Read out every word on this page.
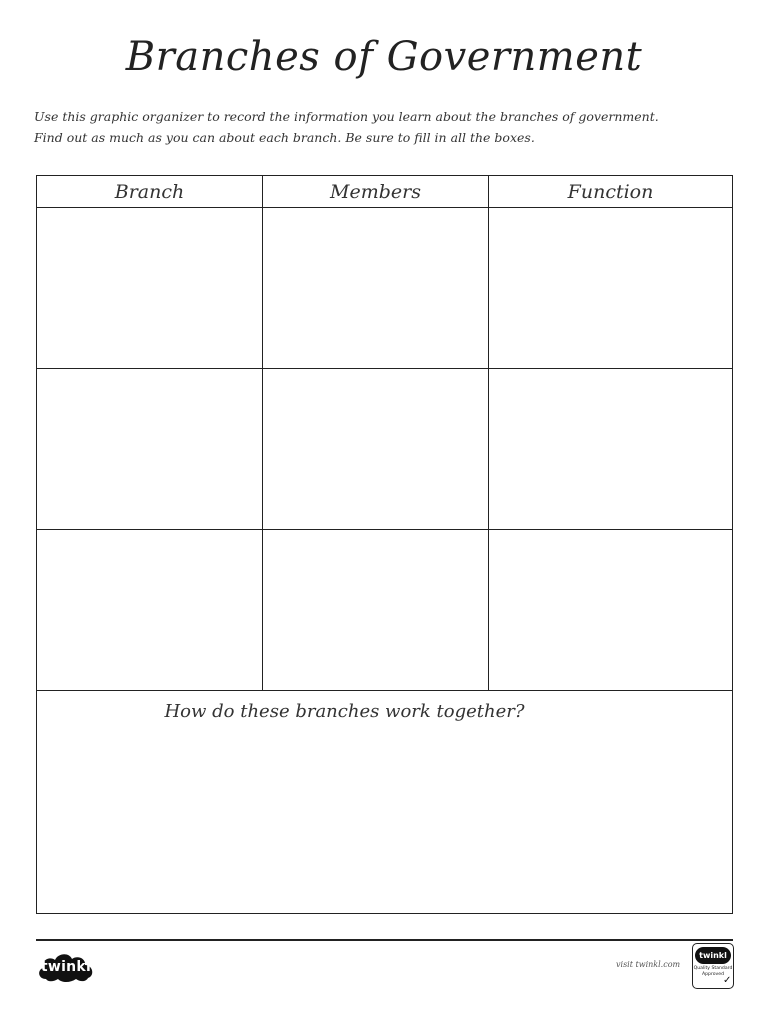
Branches of Government
Use this graphic organizer to record the information you learn about the branches of government. Find out as much as you can about each branch. Be sure to fill in all the boxes.
Branch	Members	Function

How do these branches work together?		
twinkl	visit twinkl.com
twinkl
Quality Standard
Approved
✓
